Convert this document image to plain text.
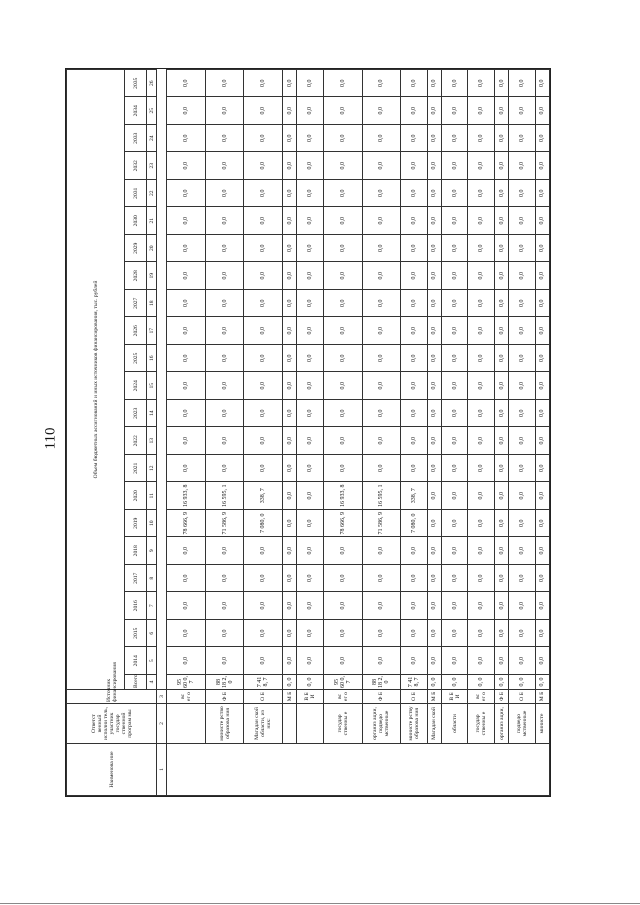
110
Наименова ние	Ответст венный исполни тель, участник государ ственной програм мы	Источник финансирования	Объем бюджетных ассигнований и иных источников финансирования, тыс. рублей																						
			Всего	2014	2015	2016	2017	2018	2019	2020	2021	2022	2023	2024	2025	2026	2027	2028	2029	2030	2031	2032	2033	2034	2035
			4	5	6	7	8	9	10	11	12	13	14	15	16	17	18	19	20	21	22	23	24	25	26
1	2	3																							
		вс ег о	95 60 0, 7	0,0	0,0	0,0	0,0	0,0	78 666, 9	16 933, 8	0,0	0,0	0,0	0,0	0,0	0,0	0,0	0,0	0,0	0,0	0,0	0,0	0,0	0,0	0,0
	министе рство образова ния	Ф Б	88 18 2, 0	0,0	0,0	0,0	0,0	0,0	71 586, 9	16 595, 1	0,0	0,0	0,0	0,0	0,0	0,0	0,0	0,0	0,0	0,0	0,0	0,0	0,0	0,0	0,0
	Магадан ской области, из них:	О Б	7 41 8, 7	0,0	0,0	0,0	0,0	0,0	7 080, 0	338, 7	0,0	0,0	0,0	0,0	0,0	0,0	0,0	0,0	0,0	0,0	0,0	0,0	0,0	0,0	0,0
		М Б	0, 0	0,0	0,0	0,0	0,0	0,0	0,0	0,0	0,0	0,0	0,0	0,0	0,0	0,0	0,0	0,0	0,0	0,0	0,0	0,0	0,0	0,0	0,0
		В Б И	0, 0	0,0	0,0	0,0	0,0	0,0	0,0	0,0	0,0	0,0	0,0	0,0	0,0	0,0	0,0	0,0	0,0	0,0	0,0	0,0	0,0	0,0	0,0
	государ ственны е	вс ег о	95 60 0, 7	0,0	0,0	0,0	0,0	0,0	78 666, 9	16 933, 8	0,0	0,0	0,0	0,0	0,0	0,0	0,0	0,0	0,0	0,0	0,0	0,0	0,0	0,0	0,0
	организ ации, подведо мственные	Ф Б	88 18 2, 0	0,0	0,0	0,0	0,0	0,0	71 586, 9	16 595, 1	0,0	0,0	0,0	0,0	0,0	0,0	0,0	0,0	0,0	0,0	0,0	0,0	0,0	0,0	0,0
	министе рству образова ния	О Б	7 41 8, 7	0,0	0,0	0,0	0,0	0,0	7 080, 0	338, 7	0,0	0,0	0,0	0,0	0,0	0,0	0,0	0,0	0,0	0,0	0,0	0,0	0,0	0,0	0,0
	Магадан ской	М Б	0, 0	0,0	0,0	0,0	0,0	0,0	0,0	0,0	0,0	0,0	0,0	0,0	0,0	0,0	0,0	0,0	0,0	0,0	0,0	0,0	0,0	0,0	0,0
	области	В Б И	0, 0	0,0	0,0	0,0	0,0	0,0	0,0	0,0	0,0	0,0	0,0	0,0	0,0	0,0	0,0	0,0	0,0	0,0	0,0	0,0	0,0	0,0	0,0
	государ ственны е	вс ег о	0, 0	0,0	0,0	0,0	0,0	0,0	0,0	0,0	0,0	0,0	0,0	0,0	0,0	0,0	0,0	0,0	0,0	0,0	0,0	0,0	0,0	0,0	0,0
	организ ации,	Ф Б	0, 0	0,0	0,0	0,0	0,0	0,0	0,0	0,0	0,0	0,0	0,0	0,0	0,0	0,0	0,0	0,0	0,0	0,0	0,0	0,0	0,0	0,0	0,0
	подведо мственные	О Б	0, 0	0,0	0,0	0,0	0,0	0,0	0,0	0,0	0,0	0,0	0,0	0,0	0,0	0,0	0,0	0,0	0,0	0,0	0,0	0,0	0,0	0,0	0,0
	министе	М Б	0, 0	0,0	0,0	0,0	0,0	0,0	0,0	0,0	0,0	0,0	0,0	0,0	0,0	0,0	0,0	0,0	0,0	0,0	0,0	0,0	0,0	0,0	0,0
